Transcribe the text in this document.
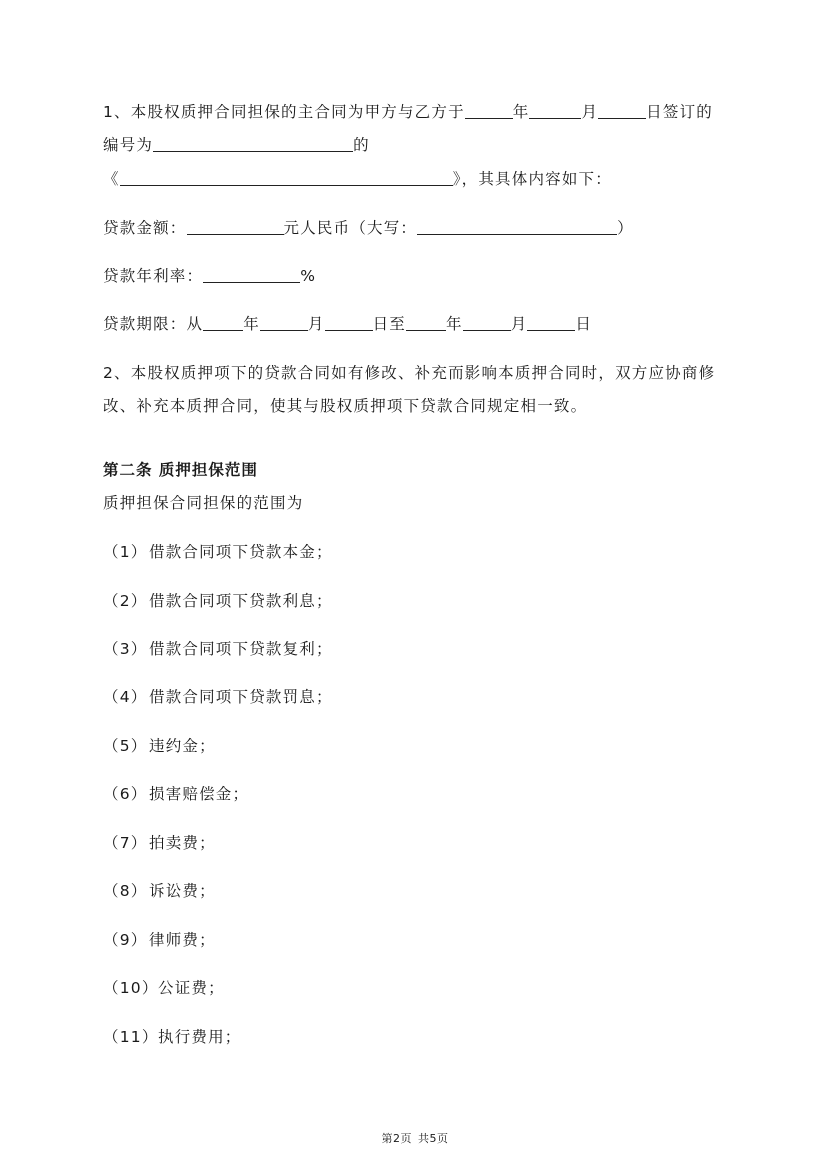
1、本股权质押合同担保的主合同为甲方与乙方于	年	月	日签订的
编号为	的
《	》，其具体内容如下：
贷款金额：	元人民币（大写：	）
贷款年利率：	%
贷款期限：从	年	月	日至	年	月	日
2、本股权质押项下的贷款合同如有修改、补充而影响本质押合同时，双方应协商修
改、补充本质押合同，使其与股权质押项下贷款合同规定相一致。
第二条 质押担保范围
质押担保合同担保的范围为
（1）借款合同项下贷款本金；
（2）借款合同项下贷款利息；
（3）借款合同项下贷款复利；
（4）借款合同项下贷款罚息；
（5）违约金；
（6）损害赔偿金；
（7）拍卖费；
（8）诉讼费；
（9）律师费；
（10）公证费；
（11）执行费用；
第2页 共5页
